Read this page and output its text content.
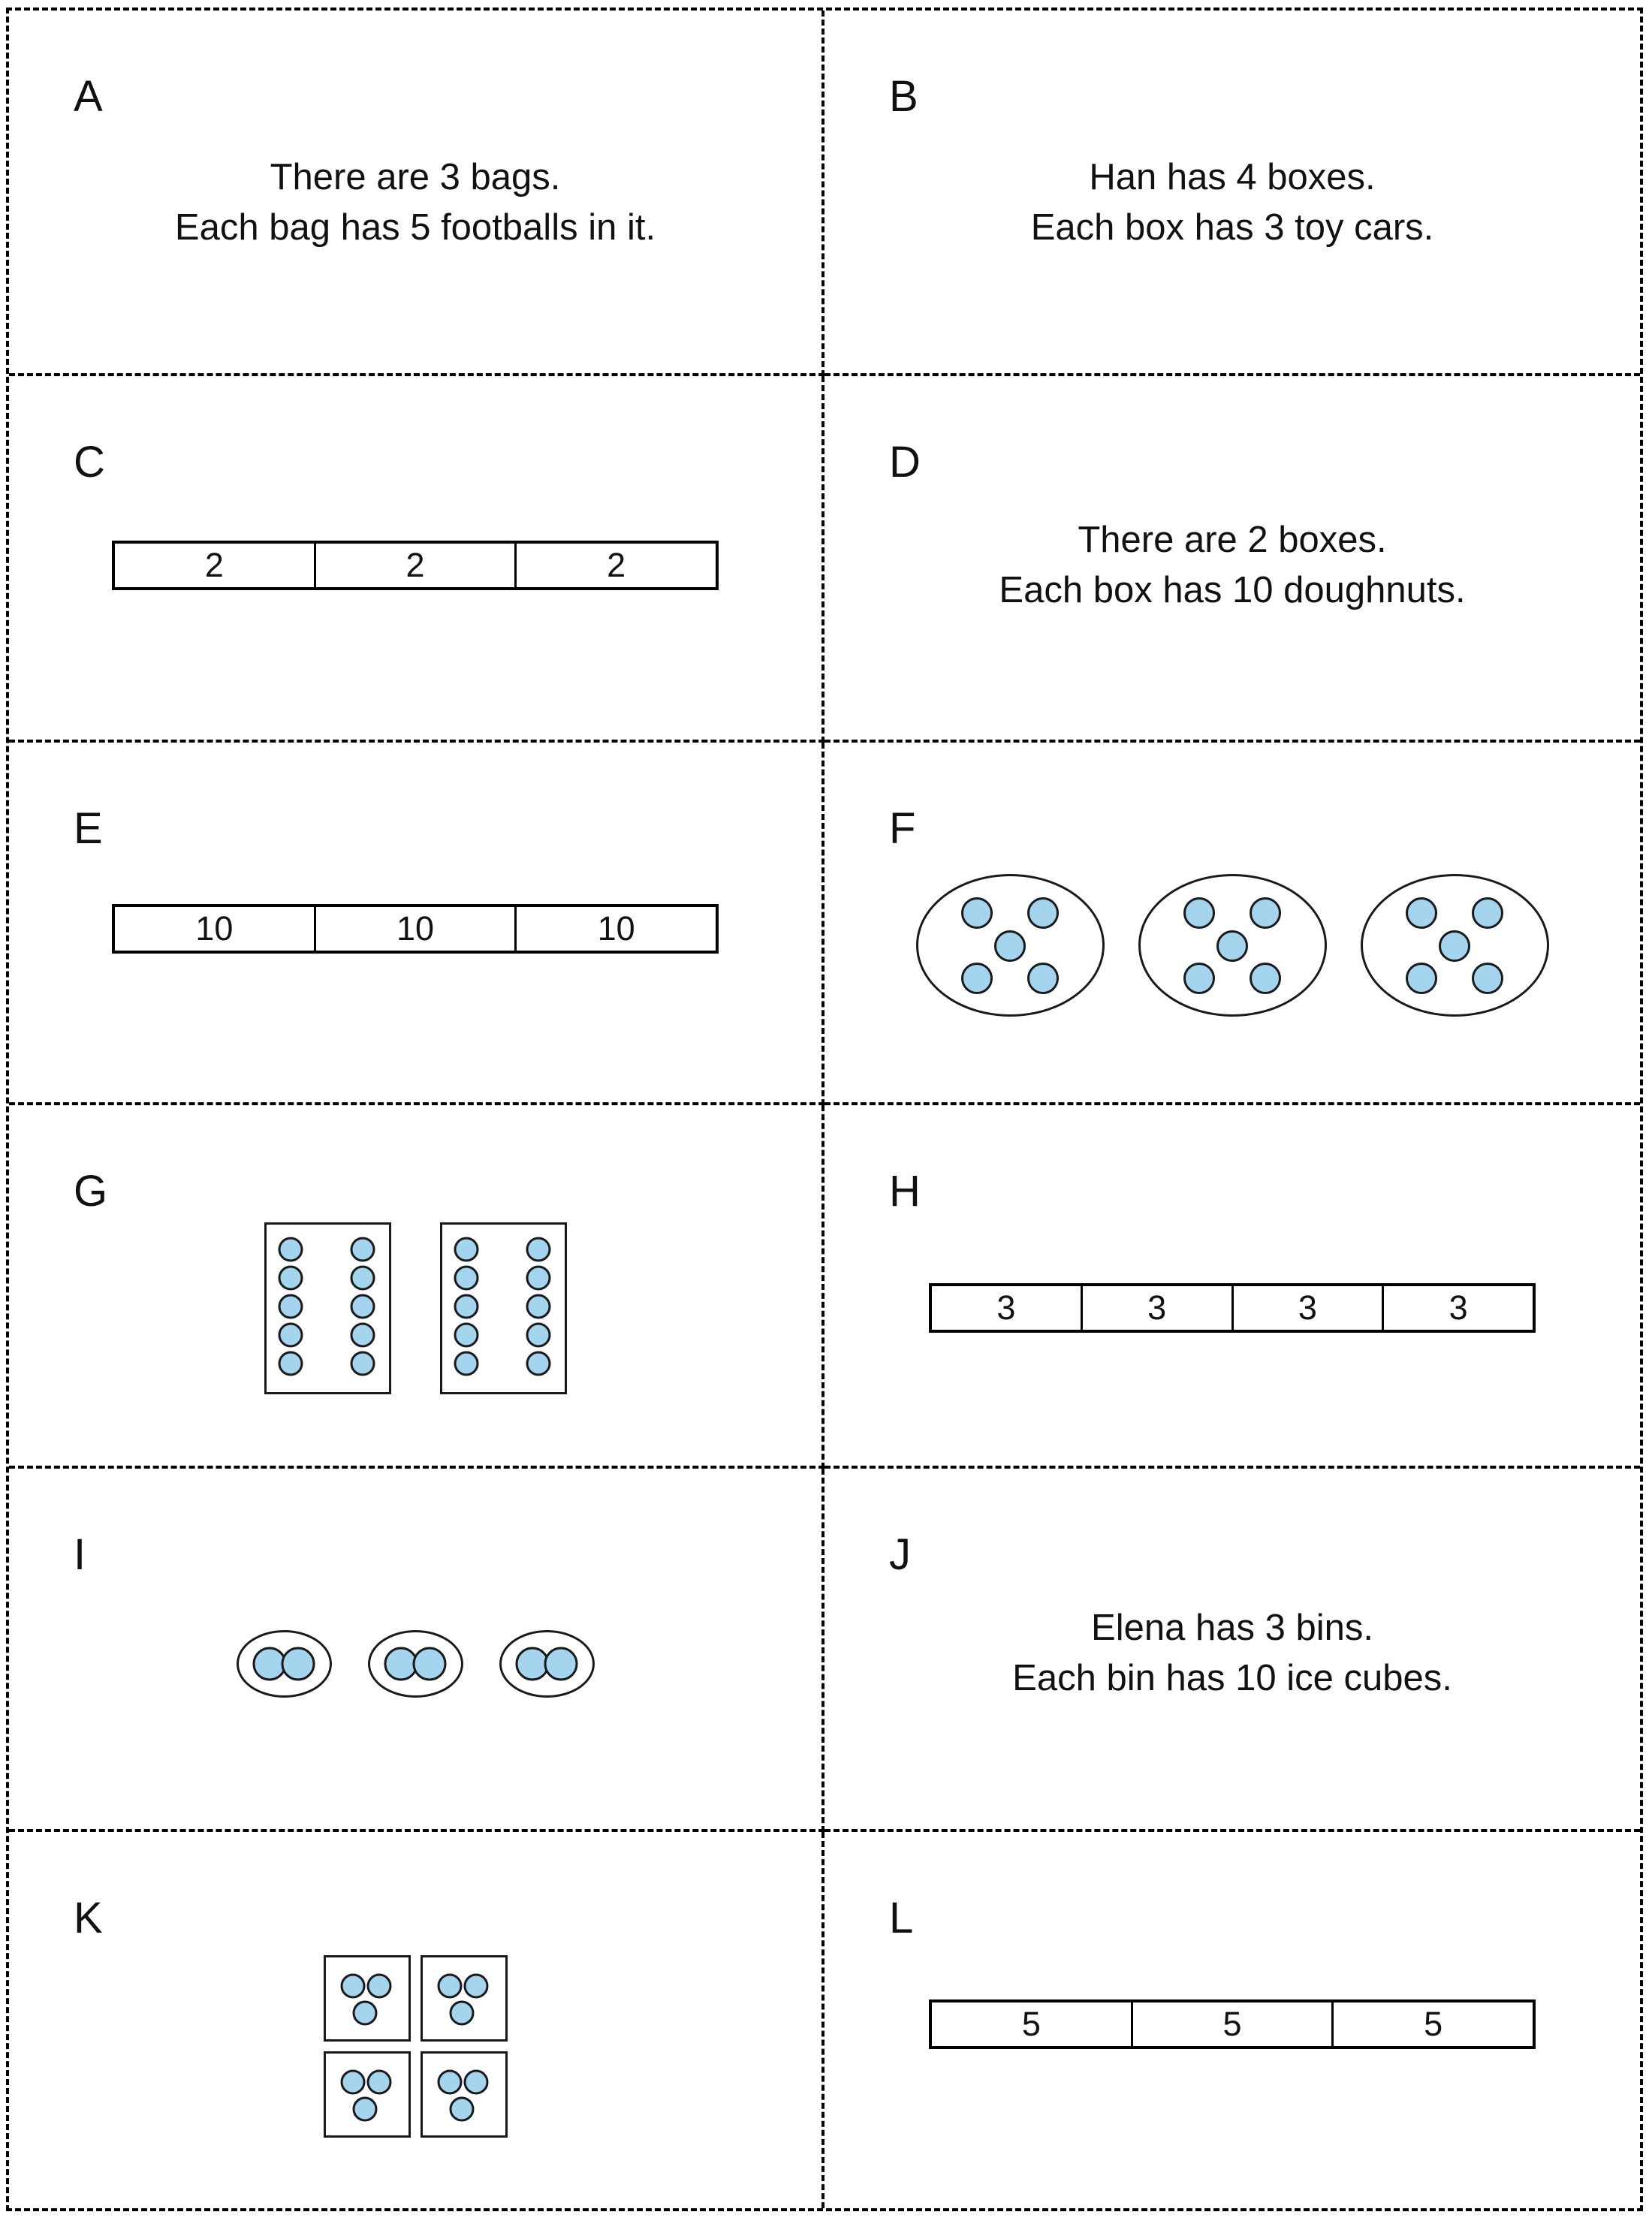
A
There are 3 bags.
Each bag has 5 footballs in it.
B
Han has 4 boxes.
Each box has 3 toy cars.
C
2	2	2
D
There are 2 boxes.
Each box has 10 doughnuts.
E
10	10	10
F
G	H
3	3	3	3
I	J
Elena has 3 bins.
Each bin has 10 ice cubes.
K	L
5	5	5
